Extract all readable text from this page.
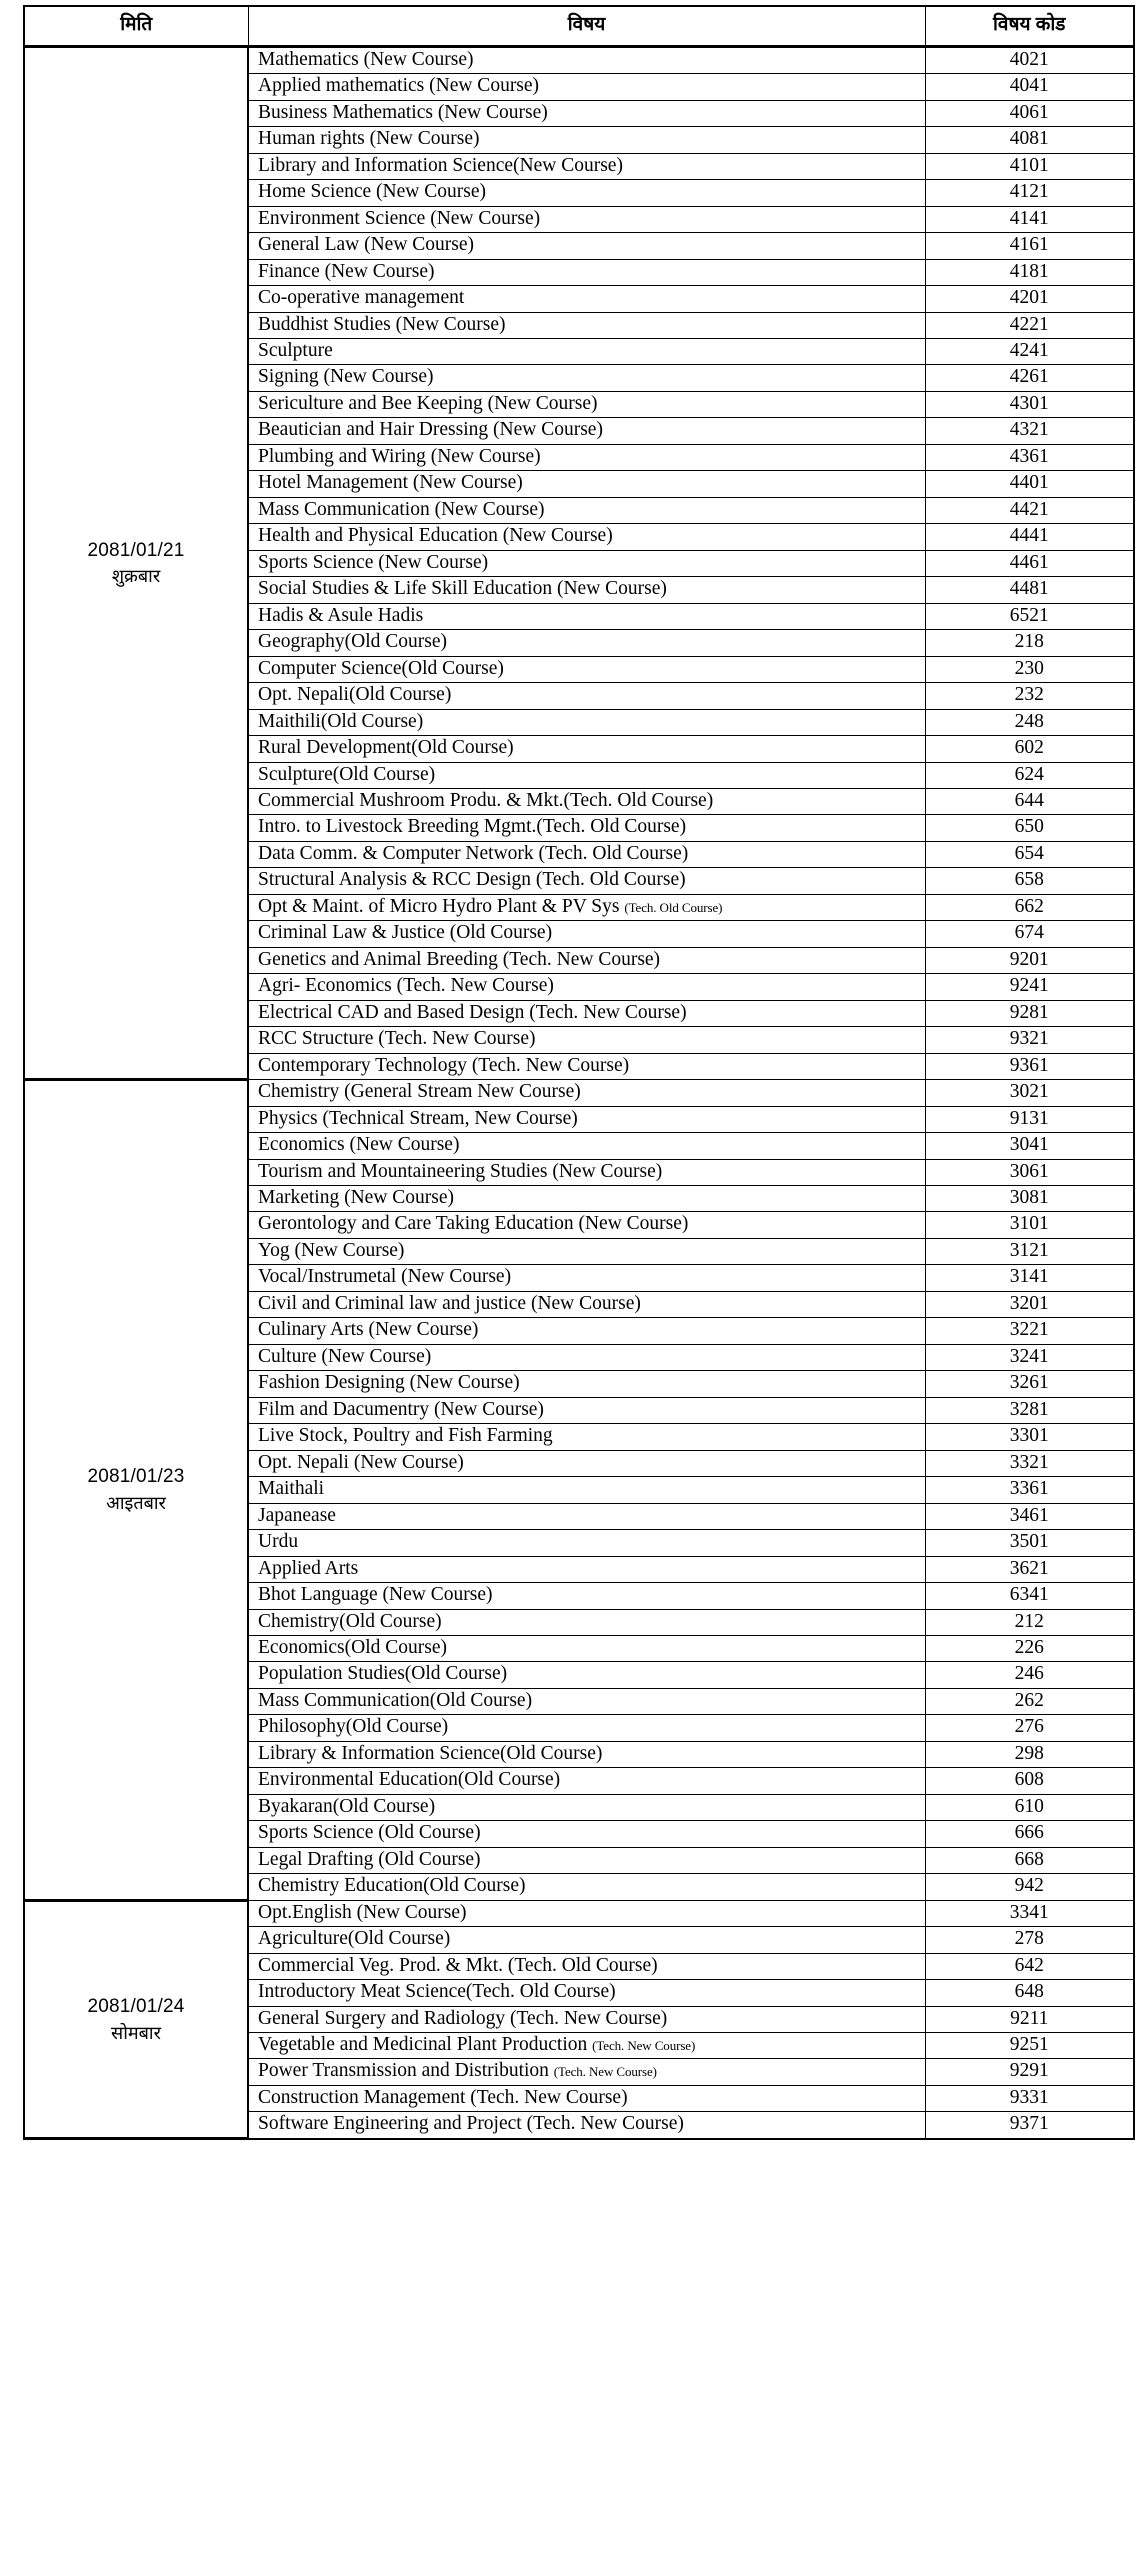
मिति	विषय	विषय कोड

2081/01/21
शुक्रबार	Mathematics (New Course)	4021
	Applied mathematics (New Course)	4041
	Business Mathematics (New Course)	4061
	Human rights (New Course)	4081
	Library and Information Science(New Course)	4101
	Home Science (New Course)	4121
	Environment Science (New Course)	4141
	General Law (New Course)	4161
	Finance (New Course)	4181
	Co-operative management	4201
	Buddhist Studies (New Course)	4221
	Sculpture	4241
	Signing (New Course)	4261
	Sericulture and Bee Keeping (New Course)	4301
	Beautician and Hair Dressing (New Course)	4321
	Plumbing and Wiring (New Course)	4361
	Hotel Management (New Course)	4401
	Mass Communication (New Course)	4421
	Health and Physical Education (New Course)	4441
	Sports Science (New Course)	4461
	Social Studies & Life Skill Education (New Course)	4481
	Hadis & Asule Hadis	6521
	Geography(Old Course)	218
	Computer Science(Old Course)	230
	Opt. Nepali(Old Course)	232
	Maithili(Old Course)	248
	Rural Development(Old Course)	602
	Sculpture(Old Course)	624
	Commercial Mushroom Produ. & Mkt.(Tech. Old Course)	644
	Intro. to Livestock Breeding Mgmt.(Tech. Old Course)	650
	Data Comm. & Computer Network (Tech. Old Course)	654
	Structural Analysis & RCC Design (Tech. Old Course)	658
	Opt & Maint. of Micro Hydro Plant & PV Sys (Tech. Old Course)	662
	Criminal Law & Justice (Old Course)	674
	Genetics and Animal Breeding (Tech. New Course)	9201
	Agri- Economics (Tech. New Course)	9241
	Electrical CAD and Based Design (Tech. New Course)	9281
	RCC Structure (Tech. New Course)	9321
	Contemporary Technology (Tech. New Course)	9361

2081/01/23
आइतबार	Chemistry (General Stream New Course)	3021
	Physics (Technical Stream, New Course)	9131
	Economics (New Course)	3041
	Tourism and Mountaineering Studies (New Course)	3061
	Marketing (New Course)	3081
	Gerontology and Care Taking Education (New Course)	3101
	Yog (New Course)	3121
	Vocal/Instrumetal (New Course)	3141
	Civil and Criminal law and justice (New Course)	3201
	Culinary Arts (New Course)	3221
	Culture (New Course)	3241
	Fashion Designing (New Course)	3261
	Film and Dacumentry (New Course)	3281
	Live Stock, Poultry and Fish Farming	3301
	Opt. Nepali (New Course)	3321
	Maithali	3361
	Japanease	3461
	Urdu	3501
	Applied Arts	3621
	Bhot Language (New Course)	6341
	Chemistry(Old Course)	212
	Economics(Old Course)	226
	Population Studies(Old Course)	246
	Mass Communication(Old Course)	262
	Philosophy(Old Course)	276
	Library & Information Science(Old Course)	298
	Environmental Education(Old Course)	608
	Byakaran(Old Course)	610
	Sports Science (Old Course)	666
	Legal Drafting (Old Course)	668
	Chemistry Education(Old Course)	942

2081/01/24
सोमबार	Opt.English (New Course)	3341
	Agriculture(Old Course)	278
	Commercial Veg. Prod. & Mkt. (Tech. Old Course)	642
	Introductory Meat Science(Tech. Old Course)	648
	General Surgery and Radiology (Tech. New Course)	9211
	Vegetable and Medicinal Plant Production (Tech. New Course)	9251
	Power Transmission and Distribution (Tech. New Course)	9291
	Construction Management (Tech. New Course)	9331
	Software Engineering and Project (Tech. New Course)	9371
